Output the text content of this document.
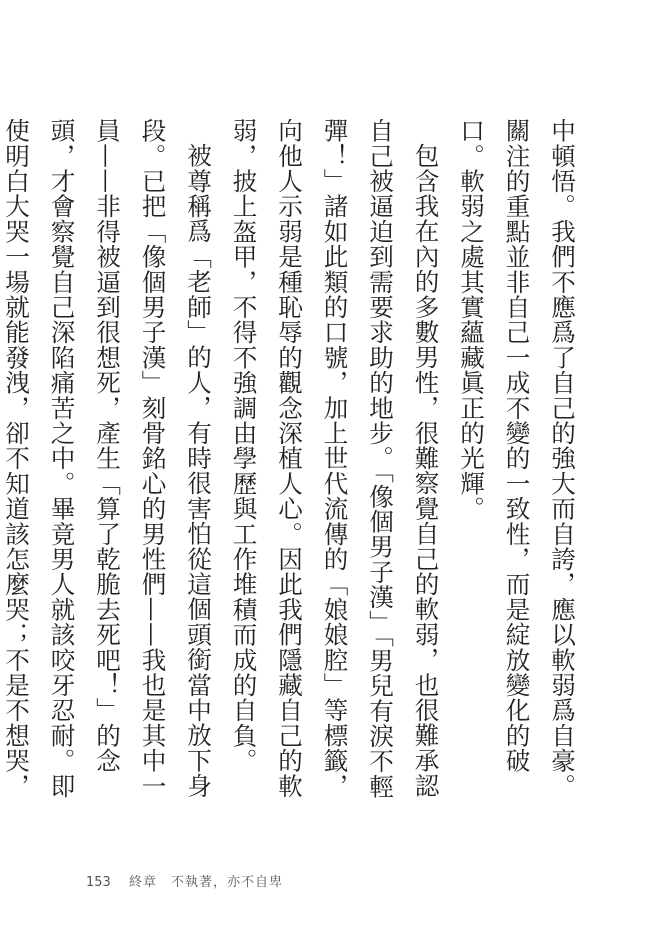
中頓悟。我們不應爲了自己的強大而自誇，應以軟弱爲自豪。關注的重點並非自己一成不變的一致性，而是綻放變化的破口。軟弱之處其實蘊藏眞正的光輝。

包含我在內的多數男性，很難察覺自己的軟弱，也很難承認自己被逼迫到需要求助的地步。「像個男子漢」「男兒有淚不輕彈！」諸如此類的口號，加上世代流傳的「娘娘腔」等標籤，向他人示弱是種恥辱的觀念深植人心。因此我們隱藏自己的軟弱，披上盔甲，不得不強調由學歷與工作堆積而成的自負。

被尊稱爲「老師」的人，有時很害怕從這個頭銜當中放下身段。已把「像個男子漢」刻骨銘心的男性們——我也是其中一員——非得被逼到很想死，產生「算了乾脆去死吧！」的念頭，才會察覺自己深陷痛苦之中。畢竟男人就該咬牙忍耐。即使明白大哭一場就能發洩，卻不知道該怎麼哭；不是不想哭，

153 終章　不執著，亦不自卑
